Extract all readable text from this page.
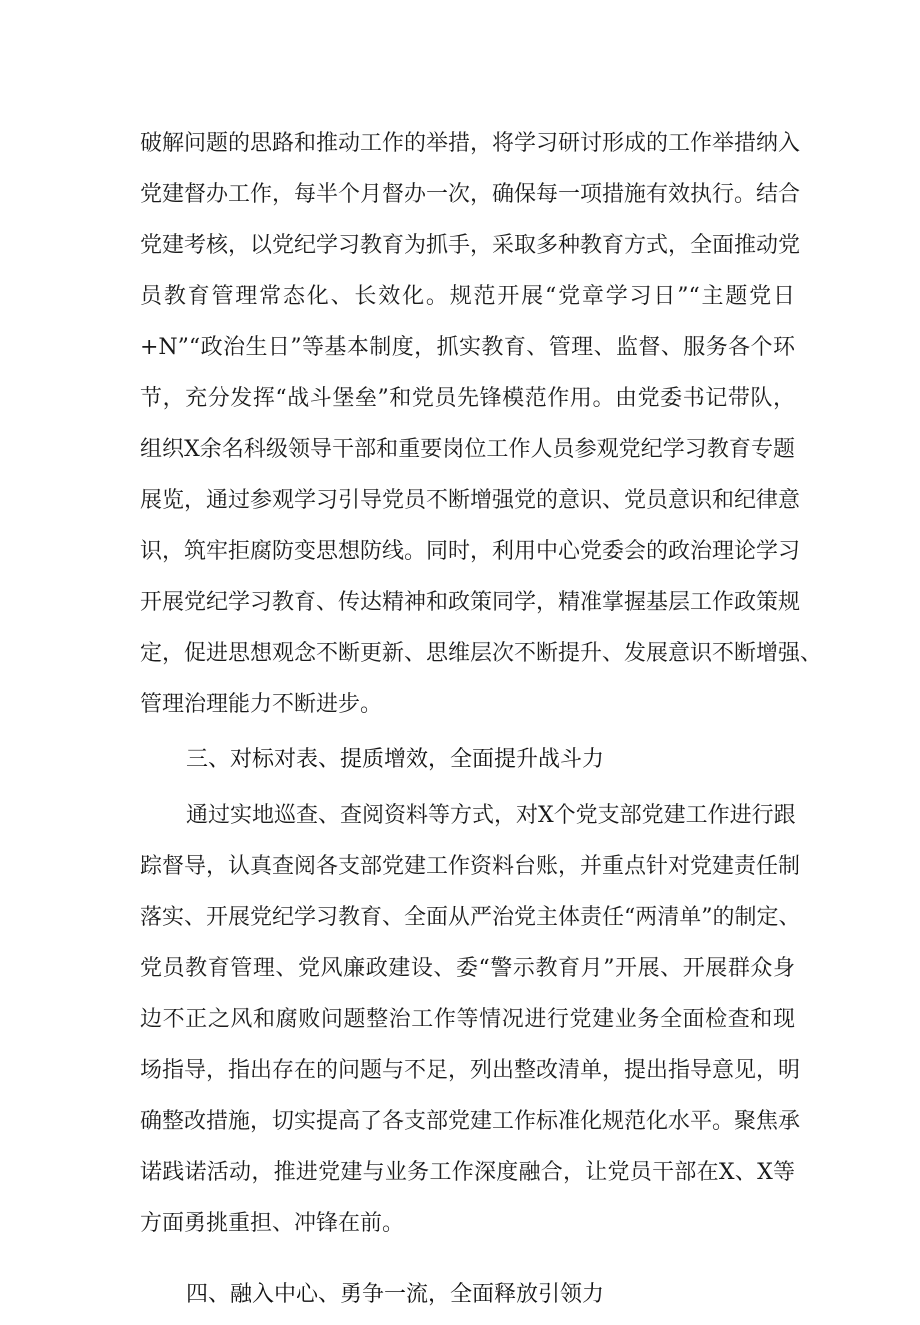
破解问题的思路和推动工作的举措，将学习研讨形成的工作举措纳入
党建督办工作，每半个月督办一次，确保每一项措施有效执行。结合
党建考核，以党纪学习教育为抓手，采取多种教育方式，全面推动党
员教育管理常态化、长效化。规范开展“党章学习日”“主题党日
+N”“政治生日”等基本制度，抓实教育、管理、监督、服务各个环
节，充分发挥“战斗堡垒”和党员先锋模范作用。由党委书记带队，
组织X余名科级领导干部和重要岗位工作人员参观党纪学习教育专题
展览，通过参观学习引导党员不断增强党的意识、党员意识和纪律意
识，筑牢拒腐防变思想防线。同时，利用中心党委会的政治理论学习
开展党纪学习教育、传达精神和政策同学，精准掌握基层工作政策规
定，促进思想观念不断更新、思维层次不断提升、发展意识不断增强、
管理治理能力不断进步。
三、对标对表、提质增效，全面提升战斗力
通过实地巡查、查阅资料等方式，对X个党支部党建工作进行跟
踪督导，认真查阅各支部党建工作资料台账，并重点针对党建责任制
落实、开展党纪学习教育、全面从严治党主体责任“两清单”的制定、
党员教育管理、党风廉政建设、委“警示教育月”开展、开展群众身
边不正之风和腐败问题整治工作等情况进行党建业务全面检查和现
场指导，指出存在的问题与不足，列出整改清单，提出指导意见，明
确整改措施，切实提高了各支部党建工作标准化规范化水平。聚焦承
诺践诺活动，推进党建与业务工作深度融合，让党员干部在X、X等
方面勇挑重担、冲锋在前。
四、融入中心、勇争一流，全面释放引领力
